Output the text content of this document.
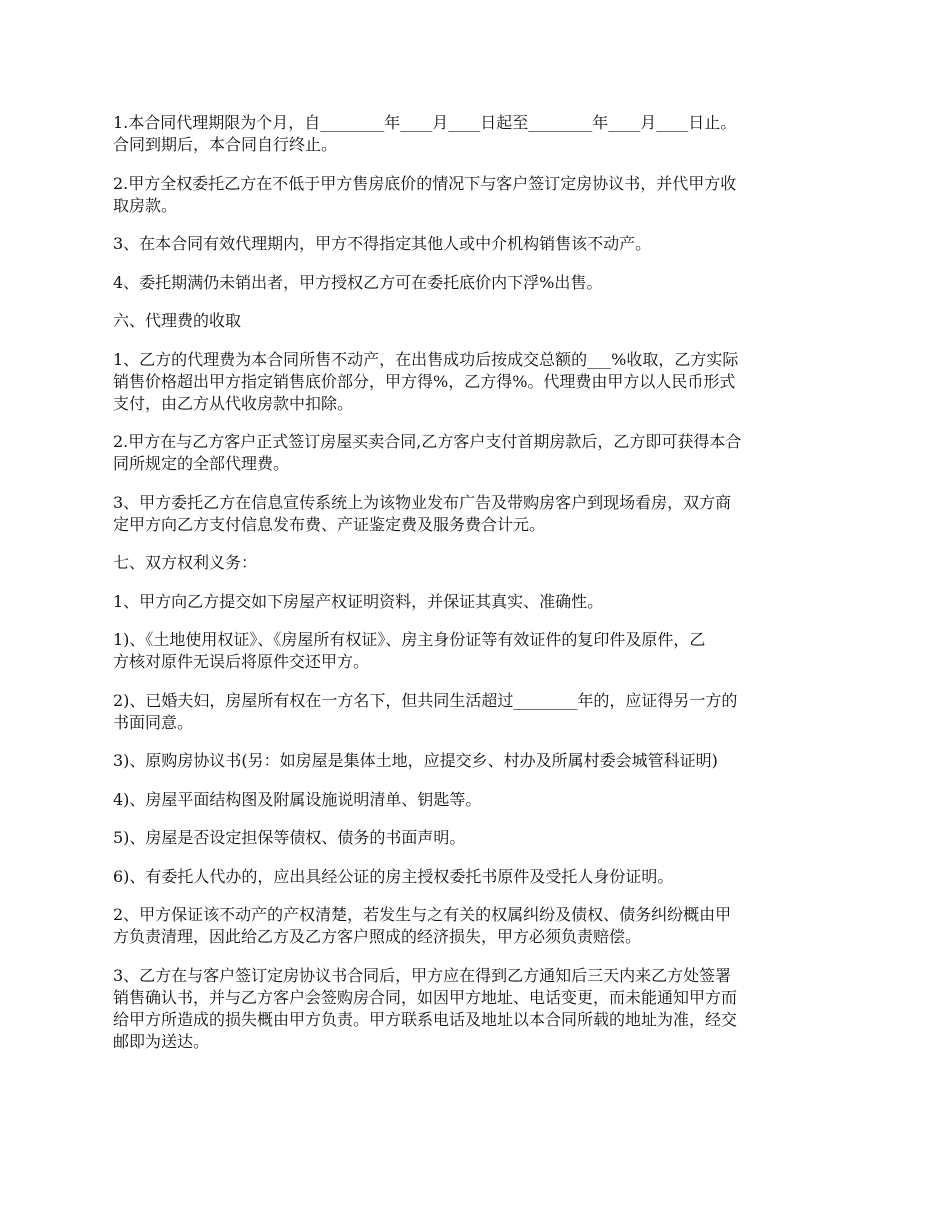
1.本合同代理期限为个月，自________年____月____日起至________年____月____日止。
合同到期后，本合同自行终止。

2.甲方全权委托乙方在不低于甲方售房底价的情况下与客户签订定房协议书，并代甲方收
取房款。

3、在本合同有效代理期内，甲方不得指定其他人或中介机构销售该不动产。

4、委托期满仍未销出者，甲方授权乙方可在委托底价内下浮%出售。

六、代理费的收取

1、乙方的代理费为本合同所售不动产，在出售成功后按成交总额的___%收取，乙方实际
销售价格超出甲方指定销售底价部分，甲方得%，乙方得%。代理费由甲方以人民币形式
支付，由乙方从代收房款中扣除。

2.甲方在与乙方客户正式签订房屋买卖合同,乙方客户支付首期房款后，乙方即可获得本合
同所规定的全部代理费。

3、甲方委托乙方在信息宣传系统上为该物业发布广告及带购房客户到现场看房，双方商
定甲方向乙方支付信息发布费、产证鉴定费及服务费合计元。

七、双方权利义务：

1、甲方向乙方提交如下房屋产权证明资料，并保证其真实、准确性。

1)、《土地使用权证》、《房屋所有权证》、房主身份证等有效证件的复印件及原件，乙
方核对原件无误后将原件交还甲方。

2)、已婚夫妇，房屋所有权在一方名下，但共同生活超过________年的，应证得另一方的
书面同意。

3)、原购房协议书(另：如房屋是集体土地，应提交乡、村办及所属村委会城管科证明)

4)、房屋平面结构图及附属设施说明清单、钥匙等。

5)、房屋是否设定担保等债权、债务的书面声明。

6)、有委托人代办的，应出具经公证的房主授权委托书原件及受托人身份证明。

2、甲方保证该不动产的产权清楚，若发生与之有关的权属纠纷及债权、债务纠纷概由甲
方负责清理，因此给乙方及乙方客户照成的经济损失，甲方必须负责赔偿。

3、乙方在与客户签订定房协议书合同后，甲方应在得到乙方通知后三天内来乙方处签署
销售确认书，并与乙方客户会签购房合同，如因甲方地址、电话变更，而未能通知甲方而
给甲方所造成的损失概由甲方负责。甲方联系电话及地址以本合同所载的地址为准，经交
邮即为送达。
